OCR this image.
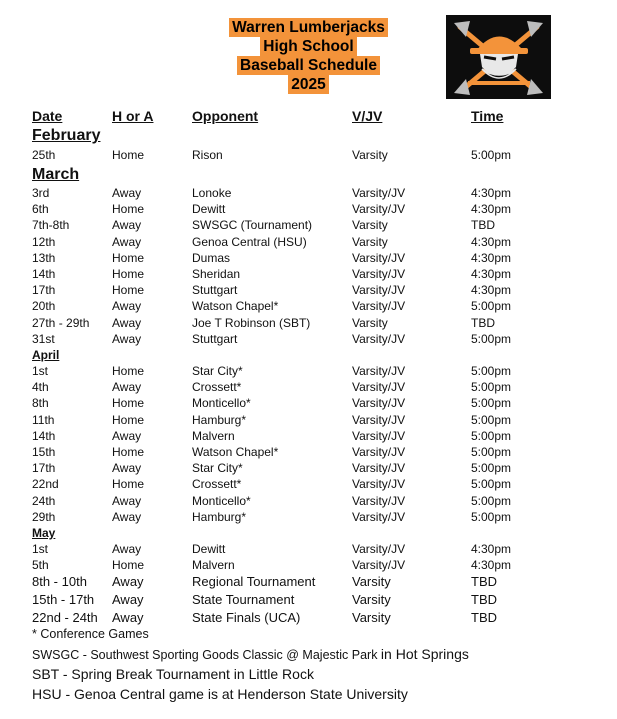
Warren Lumberjacks
High School
Baseball Schedule
2025
Date	H or A	Opponent	V/JV	Time
February
March
April
May
* Conference Games
SWSGC - Southwest Sporting Goods Classic @ Majestic Park in Hot Springs
SBT - Spring Break Tournament in Little Rock
HSU - Genoa Central game is at Henderson State University
25th	Home	Rison	Varsity	5:00pm
3rd	Away	Lonoke	Varsity/JV	4:30pm
6th	Home	Dewitt	Varsity/JV	4:30pm
7th-8th	Away	SWSGC (Tournament)	Varsity	TBD
12th	Away	Genoa Central (HSU)	Varsity	4:30pm
13th	Home	Dumas	Varsity/JV	4:30pm
14th	Home	Sheridan	Varsity/JV	4:30pm
17th	Home	Stuttgart	Varsity/JV	4:30pm
20th	Away	Watson Chapel*	Varsity/JV	5:00pm
27th - 29th Away	Joe T Robinson (SBT)	Varsity	TBD
31st	Away	Stuttgart	Varsity/JV	5:00pm
1st	Home	Star City*	Varsity/JV	5:00pm
4th	Away	Crossett*	Varsity/JV	5:00pm
8th	Home	Monticello*	Varsity/JV	5:00pm
11th	Home	Hamburg*	Varsity/JV	5:00pm
14th	Away	Malvern	Varsity/JV	5:00pm
15th	Home	Watson Chapel*	Varsity/JV	5:00pm
17th	Away	Star City*	Varsity/JV	5:00pm
22nd	Home	Crossett*	Varsity/JV	5:00pm
24th	Away	Monticello*	Varsity/JV	5:00pm
29th	Away	Hamburg*	Varsity/JV	5:00pm
1st	Away	Dewitt	Varsity/JV	4:30pm
5th	Home	Malvern	Varsity/JV	4:30pm
8th - 10th Away	Regional Tournament	Varsity	TBD
15th - 17th Away	State Tournament	Varsity	TBD
22nd - 24th Away	State Finals (UCA)	Varsity	TBD
